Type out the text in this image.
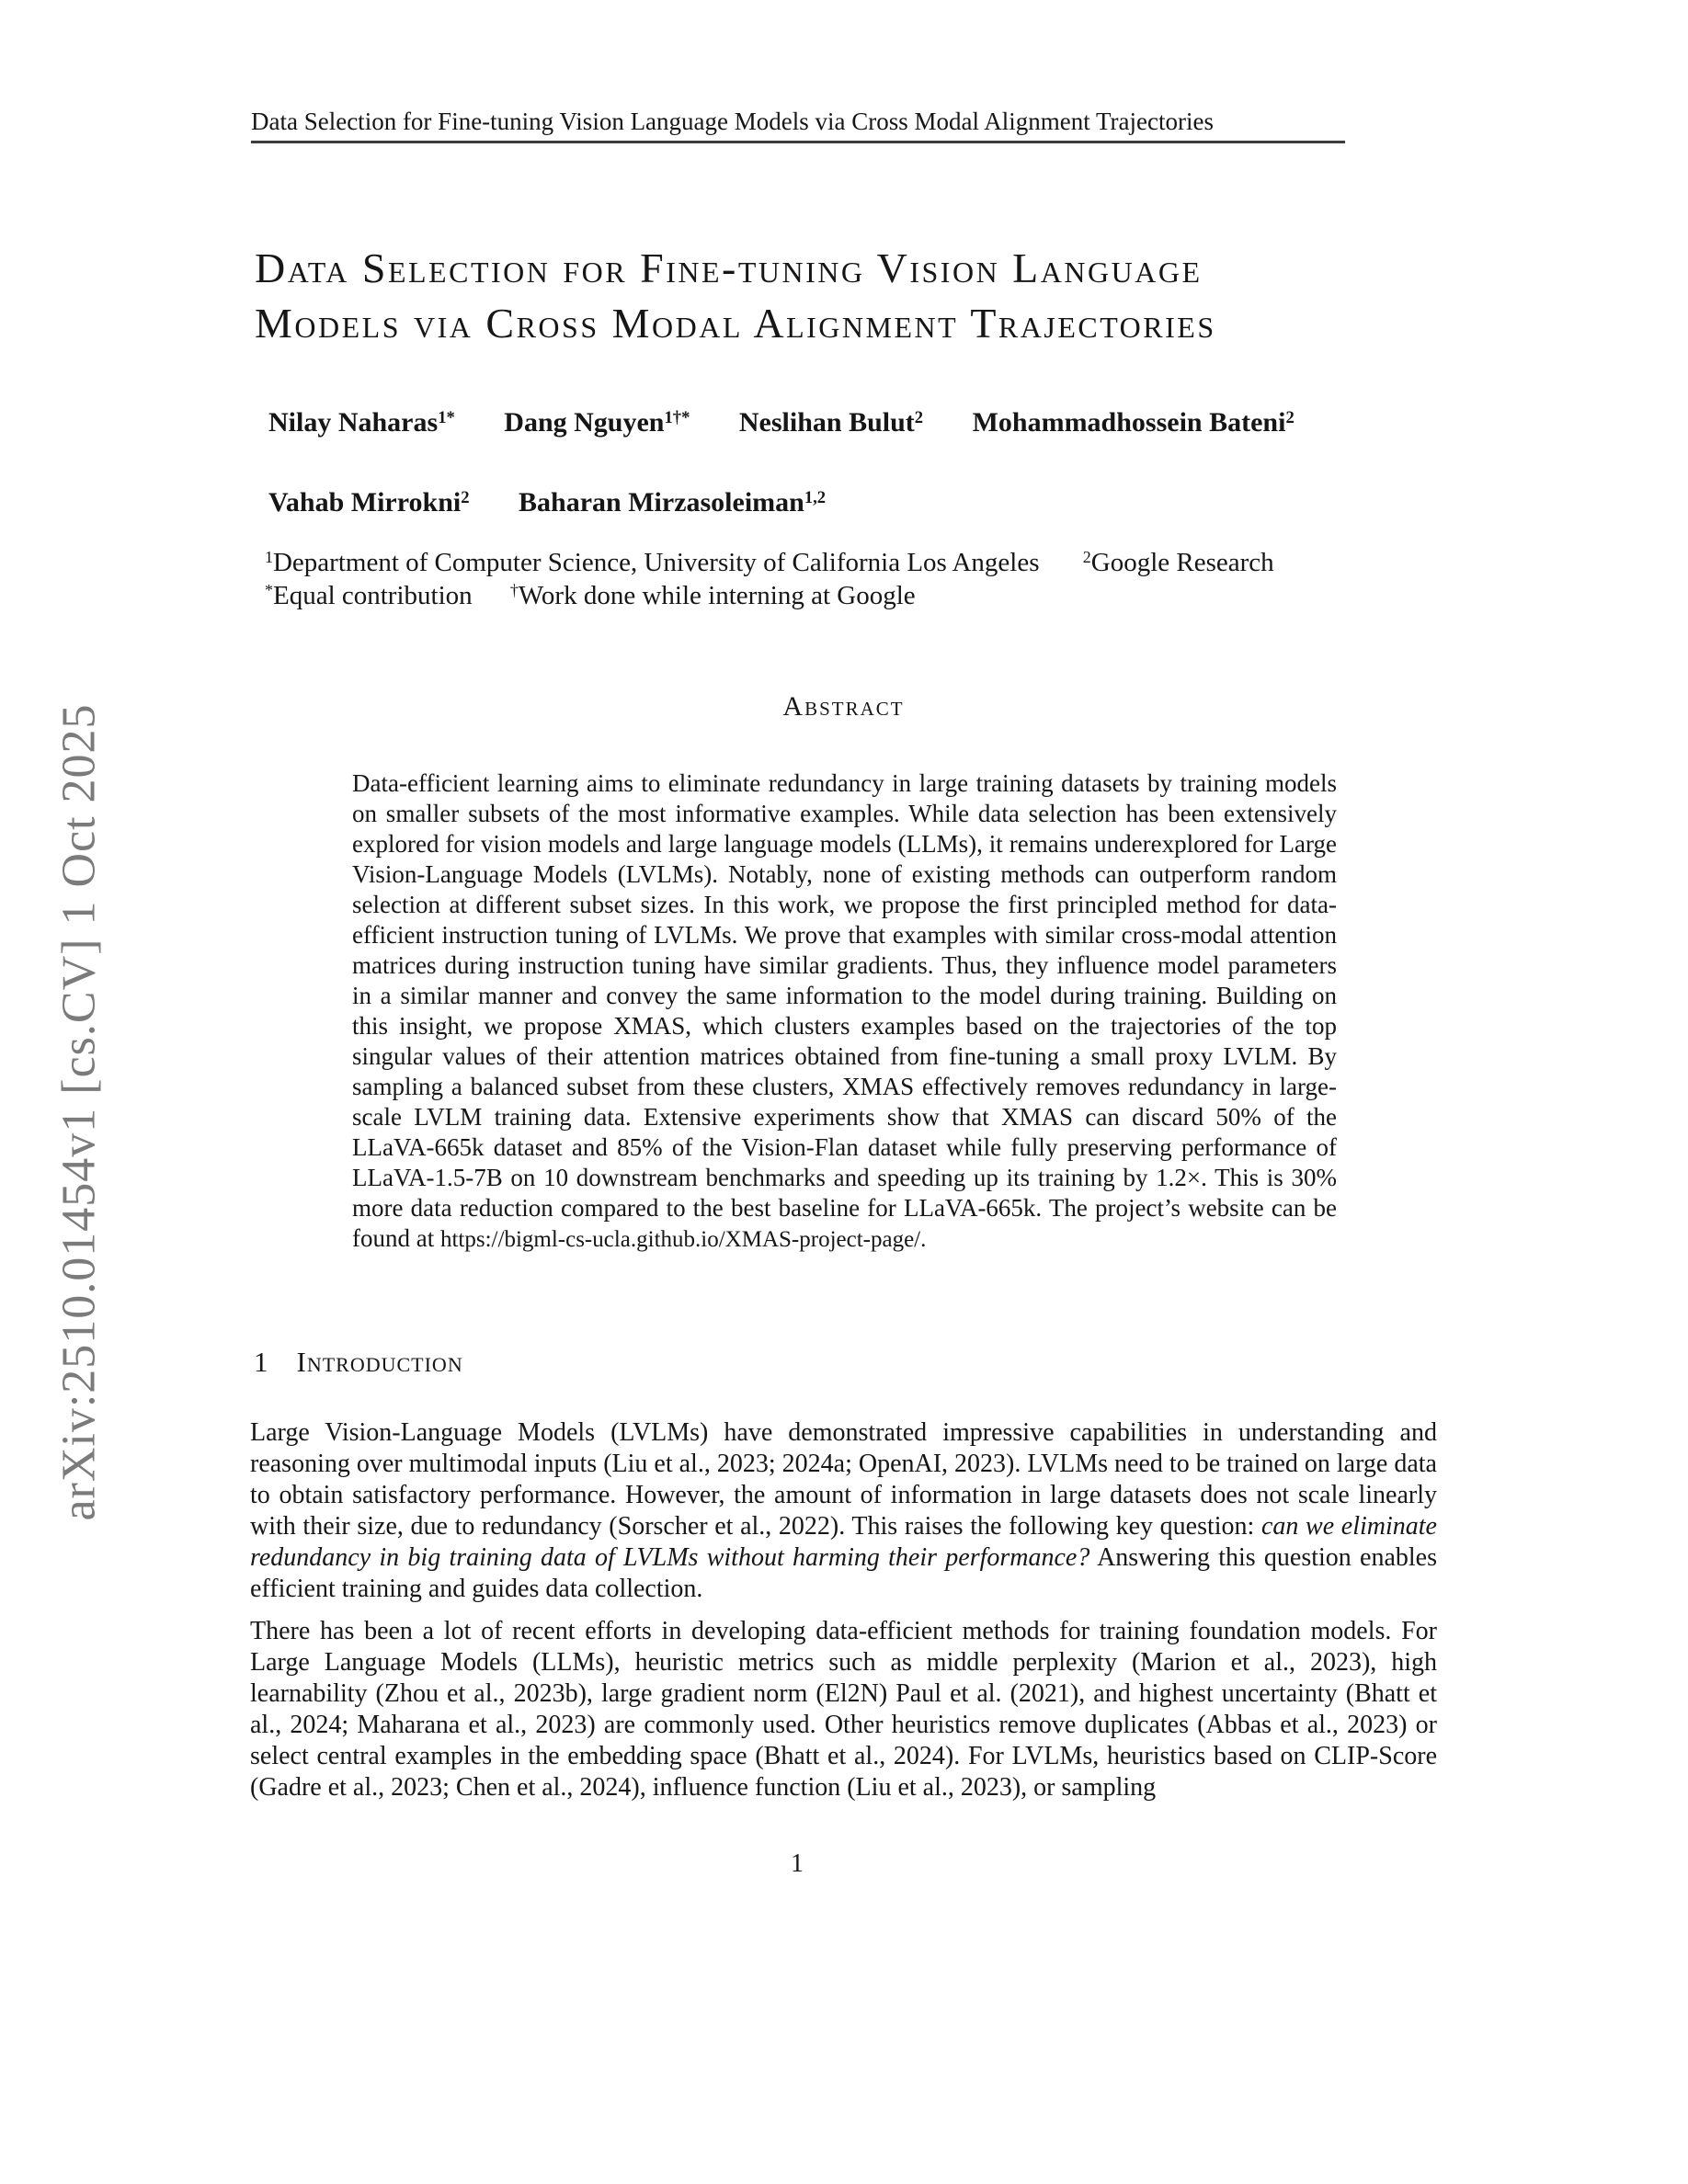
arXiv:2510.01454v1 [cs.CV] 1 Oct 2025
Data Selection for Fine-tuning Vision Language Models via Cross Modal Alignment Trajectories
Data Selection for Fine-tuning Vision Language
Models via Cross Modal Alignment Trajectories
Nilay Naharas$^{1*}$ Dang Nguyen$^{1\dagger*}$ Neslihan Bulut$^2$ Mohammadhossein Bateni$^2$
Vahab Mirrokni$^2$ Baharan Mirzasoleiman$^{1,2}$
$^1$Department of Computer Science, University of California Los Angeles	$^2$Google Research
*Equal contribution †Work done while interning at Google
Abstract
Data-efficient learning aims to eliminate redundancy in large training datasets by training models on smaller subsets of the most informative examples. While data selection has been extensively explored for vision models and large language models (LLMs), it remains underexplored for Large Vision-Language Models (LVLMs). Notably, none of existing methods can outperform random selection at different subset sizes. In this work, we propose the first principled method for data-efficient instruction tuning of LVLMs. We prove that examples with similar cross-modal attention matrices during instruction tuning have similar gradients. Thus, they influence model parameters in a similar manner and convey the same information to the model during training. Building on this insight, we propose XMAS, which clusters examples based on the trajectories of the top singular values of their attention matrices obtained from fine-tuning a small proxy LVLM. By sampling a balanced subset from these clusters, XMAS effectively removes redundancy in large-scale LVLM training data. Extensive experiments show that XMAS can discard 50% of the LLaVA-665k dataset and 85% of the Vision-Flan dataset while fully preserving performance of LLaVA-1.5-7B on 10 downstream benchmarks and speeding up its training by 1.2×. This is 30% more data reduction compared to the best baseline for LLaVA-665k. The project’s website can be found at https://bigml-cs-ucla.github.io/XMAS-project-page/.
1 Introduction
Large Vision-Language Models (LVLMs) have demonstrated impressive capabilities in understanding and reasoning over multimodal inputs (Liu et al., 2023; 2024a; OpenAI, 2023). LVLMs need to be trained on large data to obtain satisfactory performance. However, the amount of information in large datasets does not scale linearly with their size, due to redundancy (Sorscher et al., 2022). This raises the following key question: can we eliminate redundancy in big training data of LVLMs without harming their performance? Answering this question enables efficient training and guides data collection.
There has been a lot of recent efforts in developing data-efficient methods for training foundation models. For Large Language Models (LLMs), heuristic metrics such as middle perplexity (Marion et al., 2023), high learnability (Zhou et al., 2023b), large gradient norm (El2N) Paul et al. (2021), and highest uncertainty (Bhatt et al., 2024; Maharana et al., 2023) are commonly used. Other heuristics remove duplicates (Abbas et al., 2023) or select central examples in the embedding space (Bhatt et al., 2024). For LVLMs, heuristics based on CLIP-Score (Gadre et al., 2023; Chen et al., 2024), influence function (Liu et al., 2023), or sampling
1
